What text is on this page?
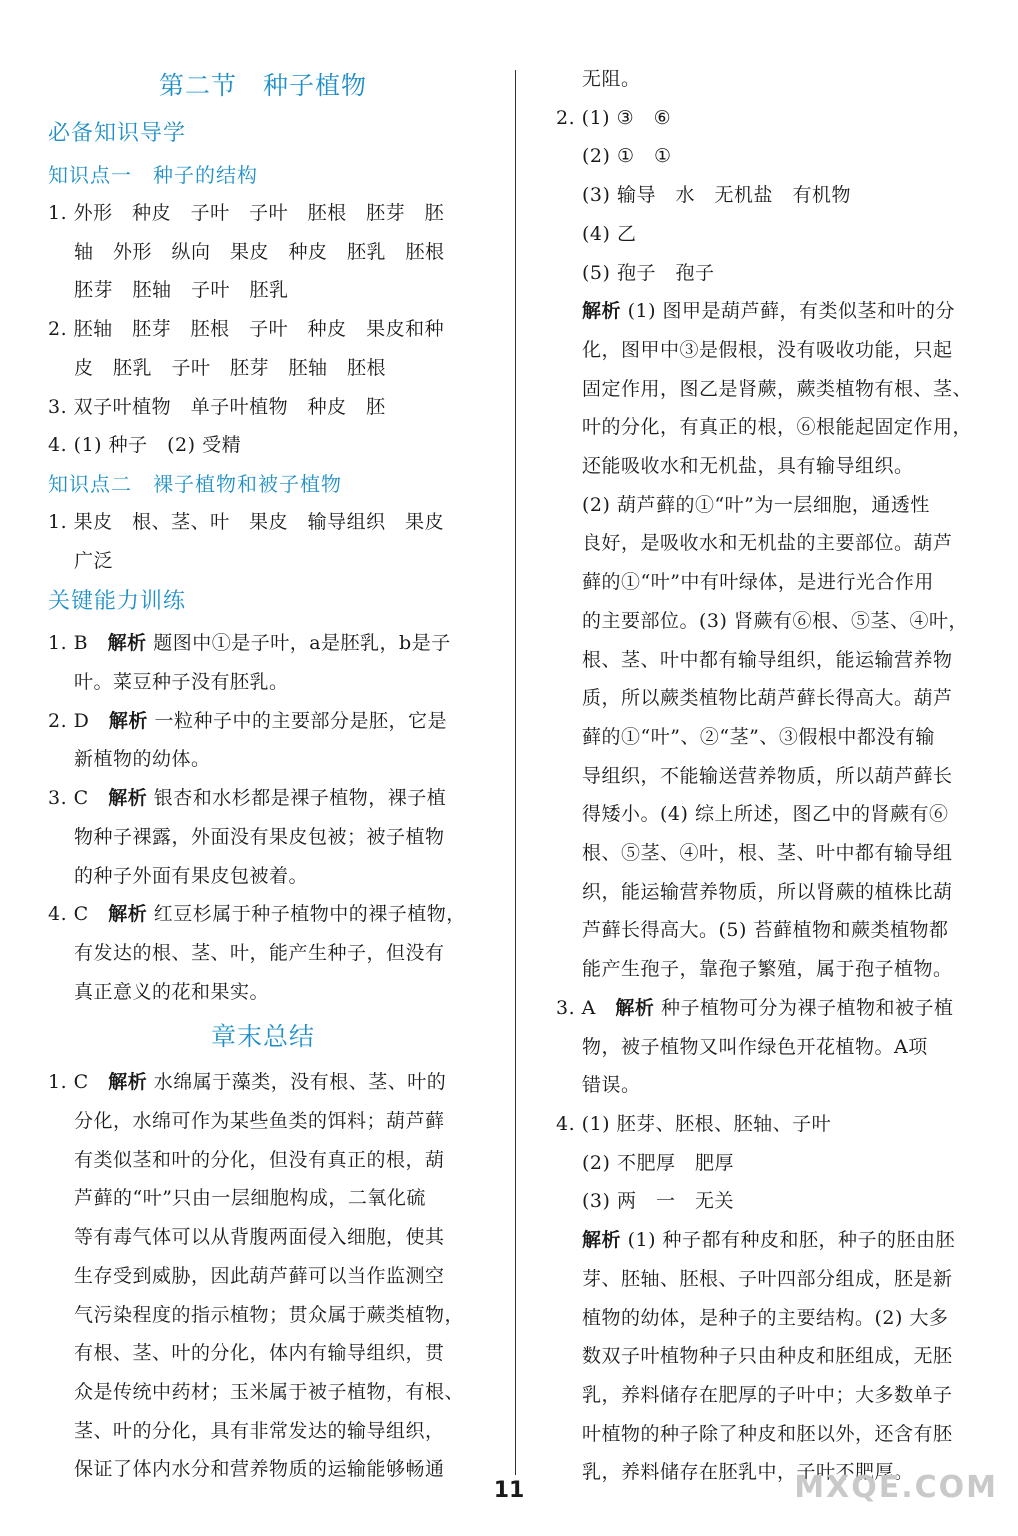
第二节　种子植物
必备知识导学
知识点一　种子的结构
1. 外形　种皮　子叶　子叶　胚根　胚芽　胚
轴　外形　纵向　果皮　种皮　胚乳　胚根
胚芽　胚轴　子叶　胚乳
2. 胚轴　胚芽　胚根　子叶　种皮　果皮和种
皮　胚乳　子叶　胚芽　胚轴　胚根
3. 双子叶植物　单子叶植物　种皮　胚
4. (1) 种子　(2) 受精
知识点二　裸子植物和被子植物
1. 果皮　根、茎、叶　果皮　输导组织　果皮
广泛
关键能力训练
1. B　解析 题图中①是子叶，a是胚乳，b是子
叶。菜豆种子没有胚乳。
2. D　解析 一粒种子中的主要部分是胚，它是
新植物的幼体。
3. C　解析 银杏和水杉都是裸子植物，裸子植
物种子裸露，外面没有果皮包被；被子植物
的种子外面有果皮包被着。
4. C　解析 红豆杉属于种子植物中的裸子植物，
有发达的根、茎、叶，能产生种子，但没有
真正意义的花和果实。
章末总结
1. C　解析 水绵属于藻类，没有根、茎、叶的
分化，水绵可作为某些鱼类的饵料；葫芦藓
有类似茎和叶的分化，但没有真正的根，葫
芦藓的“叶”只由一层细胞构成，二氧化硫
等有毒气体可以从背腹两面侵入细胞，使其
生存受到威胁，因此葫芦藓可以当作监测空
气污染程度的指示植物；贯众属于蕨类植物，
有根、茎、叶的分化，体内有输导组织，贯
众是传统中药材；玉米属于被子植物，有根、
茎、叶的分化，具有非常发达的输导组织，
保证了体内水分和营养物质的运输能够畅通
无阻。
2. (1) ③　⑥
(2) ①　①
(3) 输导　水　无机盐　有机物
(4) 乙
(5) 孢子　孢子
解析 (1) 图甲是葫芦藓，有类似茎和叶的分
化，图甲中③是假根，没有吸收功能，只起
固定作用，图乙是肾蕨，蕨类植物有根、茎、
叶的分化，有真正的根，⑥根能起固定作用，
还能吸收水和无机盐，具有输导组织。
(2) 葫芦藓的①“叶”为一层细胞，通透性
良好，是吸收水和无机盐的主要部位。葫芦
藓的①“叶”中有叶绿体，是进行光合作用
的主要部位。(3) 肾蕨有⑥根、⑤茎、④叶，
根、茎、叶中都有输导组织，能运输营养物
质，所以蕨类植物比葫芦藓长得高大。葫芦
藓的①“叶”、②“茎”、③假根中都没有输
导组织，不能输送营养物质，所以葫芦藓长
得矮小。(4) 综上所述，图乙中的肾蕨有⑥
根、⑤茎、④叶，根、茎、叶中都有输导组
织，能运输营养物质，所以肾蕨的植株比葫
芦藓长得高大。(5) 苔藓植物和蕨类植物都
能产生孢子，靠孢子繁殖，属于孢子植物。
3. A　解析 种子植物可分为裸子植物和被子植
物，被子植物又叫作绿色开花植物。A项
错误。
4. (1) 胚芽、胚根、胚轴、子叶
(2) 不肥厚　肥厚
(3) 两　一　无关
解析 (1) 种子都有种皮和胚，种子的胚由胚
芽、胚轴、胚根、子叶四部分组成，胚是新
植物的幼体，是种子的主要结构。(2) 大多
数双子叶植物种子只由种皮和胚组成，无胚
乳，养料储存在肥厚的子叶中；大多数单子
叶植物的种子除了种皮和胚以外，还含有胚
乳，养料储存在胚乳中，子叶不肥厚。
11	MXQE.COM
